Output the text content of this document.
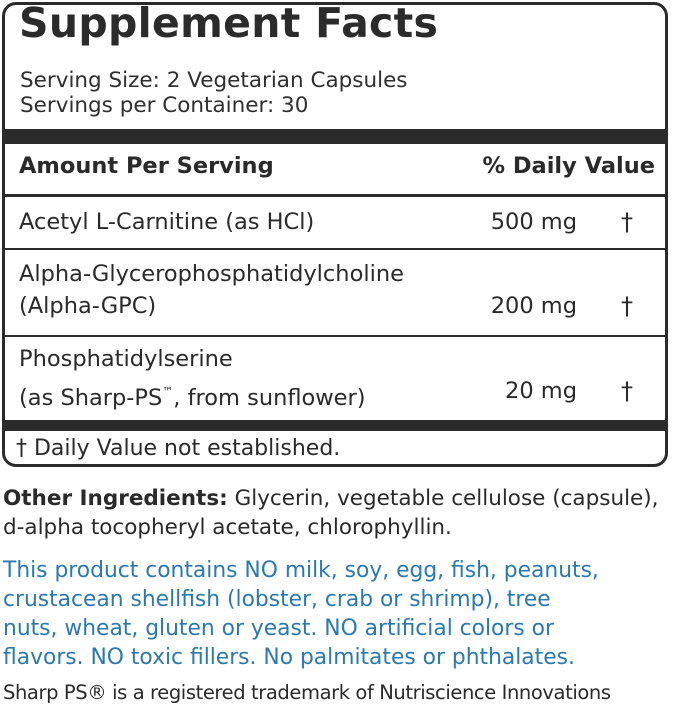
Supplement Facts
Serving Size: 2 Vegetarian Capsules
Servings per Container: 30
Amount Per Serving	% Daily Value
Acetyl L-Carnitine (as HCl)	500 mg †
Alpha-Glycerophosphatidylcholine
(Alpha-GPC)	200 mg †
Phosphatidylserine
(as Sharp-PS™, from sunflower)	20 mg †
† Daily Value not established.
Other Ingredients: Glycerin, vegetable cellulose (capsule), d-alpha tocopheryl acetate, chlorophyllin.
This product contains NO milk, soy, egg, fish, peanuts,
crustacean shellfish (lobster, crab or shrimp), tree
nuts, wheat, gluten or yeast. NO artificial colors or
flavors. NO toxic fillers. No palmitates or phthalates.
Sharp PS® is a registered trademark of Nutriscience Innovations
